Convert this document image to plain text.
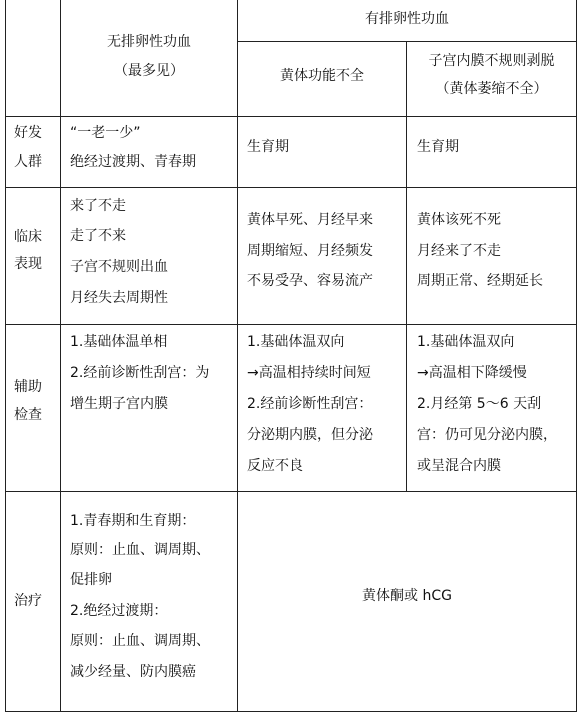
无排卵性功血
（最多见）
有排卵性功血
黄体功能不全
子宫内膜不规则剥脱
（黄体萎缩不全）
好发
人群
“一老一少”
绝经过渡期、青春期
生育期	生育期
临床
表现
来了不走
走了不来
子宫不规则出血
月经失去周期性
黄体早死、月经早来
周期缩短、月经频发
不易受孕、容易流产
黄体该死不死
月经来了不走
周期正常、经期延长
辅助
检查
1.基础体温单相
2.经前诊断性刮宫：为
增生期子宫内膜
1.基础体温双向
→高温相持续时间短
2.经前诊断性刮宫：
分泌期内膜，但分泌
反应不良
1.基础体温双向
→高温相下降缓慢
2.月经第 5～6 天刮
宫：仍可见分泌内膜，
或呈混合内膜
治疗
1.青春期和生育期：
原则：止血、调周期、
促排卵
2.绝经过渡期：
原则：止血、调周期、
减少经量、防内膜癌
黄体酮或 hCG
